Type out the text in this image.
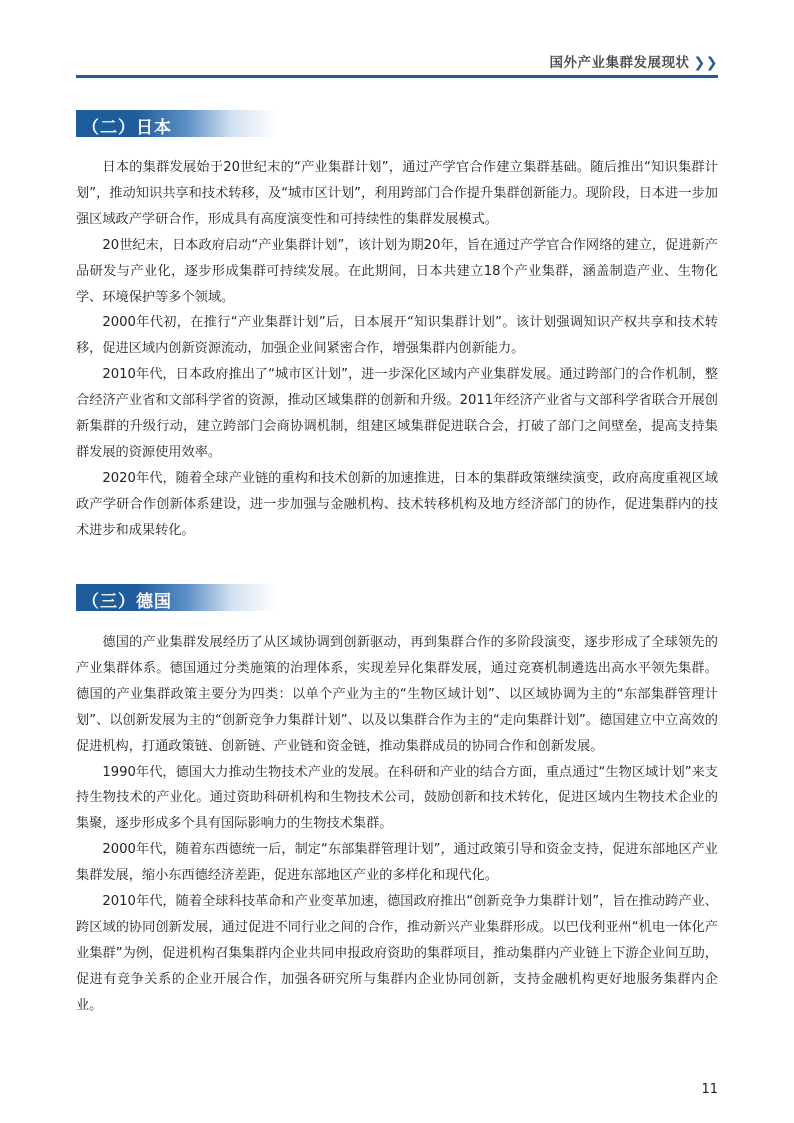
国外产业集群发展现状 ❯❯
（二）日本

日本的集群发展始于20世纪末的“产业集群计划”，通过产学官合作建立集群基础。随后推出“知识集群计划”，推动知识共享和技术转移，及“城市区计划”，利用跨部门合作提升集群创新能力。现阶段，日本进一步加强区域政产学研合作，形成具有高度演变性和可持续性的集群发展模式。

20世纪末，日本政府启动“产业集群计划”，该计划为期20年，旨在通过产学官合作网络的建立，促进新产品研发与产业化，逐步形成集群可持续发展。在此期间，日本共建立18个产业集群，涵盖制造产业、生物化学、环境保护等多个领域。

2000年代初，在推行“产业集群计划”后，日本展开“知识集群计划”。该计划强调知识产权共享和技术转移，促进区域内创新资源流动，加强企业间紧密合作，增强集群内创新能力。

2010年代，日本政府推出了“城市区计划”，进一步深化区域内产业集群发展。通过跨部门的合作机制，整合经济产业省和文部科学省的资源，推动区域集群的创新和升级。2011年经济产业省与文部科学省联合开展创新集群的升级行动，建立跨部门会商协调机制，组建区域集群促进联合会，打破了部门之间壁垒，提高支持集群发展的资源使用效率。

2020年代，随着全球产业链的重构和技术创新的加速推进，日本的集群政策继续演变，政府高度重视区域政产学研合作创新体系建设，进一步加强与金融机构、技术转移机构及地方经济部门的协作，促进集群内的技术进步和成果转化。

（三）德国

德国的产业集群发展经历了从区域协调到创新驱动，再到集群合作的多阶段演变，逐步形成了全球领先的产业集群体系。德国通过分类施策的治理体系，实现差异化集群发展，通过竞赛机制遴选出高水平领先集群。德国的产业集群政策主要分为四类：以单个产业为主的“生物区域计划”、以区域协调为主的“东部集群管理计划”、以创新发展为主的“创新竞争力集群计划”、以及以集群合作为主的“走向集群计划”。德国建立中立高效的促进机构，打通政策链、创新链、产业链和资金链，推动集群成员的协同合作和创新发展。

1990年代，德国大力推动生物技术产业的发展。在科研和产业的结合方面，重点通过“生物区域计划”来支持生物技术的产业化。通过资助科研机构和生物技术公司，鼓励创新和技术转化，促进区域内生物技术企业的集聚，逐步形成多个具有国际影响力的生物技术集群。

2000年代，随着东西德统一后，制定“东部集群管理计划”，通过政策引导和资金支持，促进东部地区产业集群发展，缩小东西德经济差距，促进东部地区产业的多样化和现代化。

2010年代，随着全球科技革命和产业变革加速，德国政府推出“创新竞争力集群计划”，旨在推动跨产业、跨区域的协同创新发展，通过促进不同行业之间的合作，推动新兴产业集群形成。以巴伐利亚州“机电一体化产业集群”为例，促进机构召集集群内企业共同申报政府资助的集群项目，推动集群内产业链上下游企业间互助，促进有竞争关系的企业开展合作，加强各研究所与集群内企业协同创新，支持金融机构更好地服务集群内企业。

11
